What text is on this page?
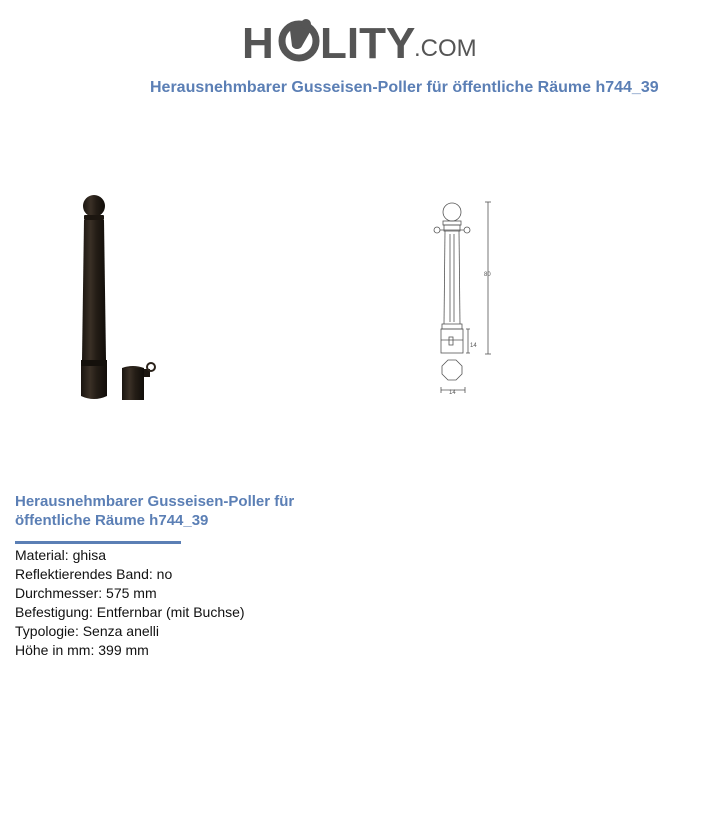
H LITY
.COM
Herausnehmbarer Gusseisen-Poller für öffentliche Räume h744_39
80
14
14
Herausnehmbarer Gusseisen-Poller für öffentliche Räume h744_39
Material: ghisa
Reflektierendes Band: no
Durchmesser: 575 mm
Befestigung: Entfernbar (mit Buchse)
Typologie: Senza anelli
Höhe in mm: 399 mm
